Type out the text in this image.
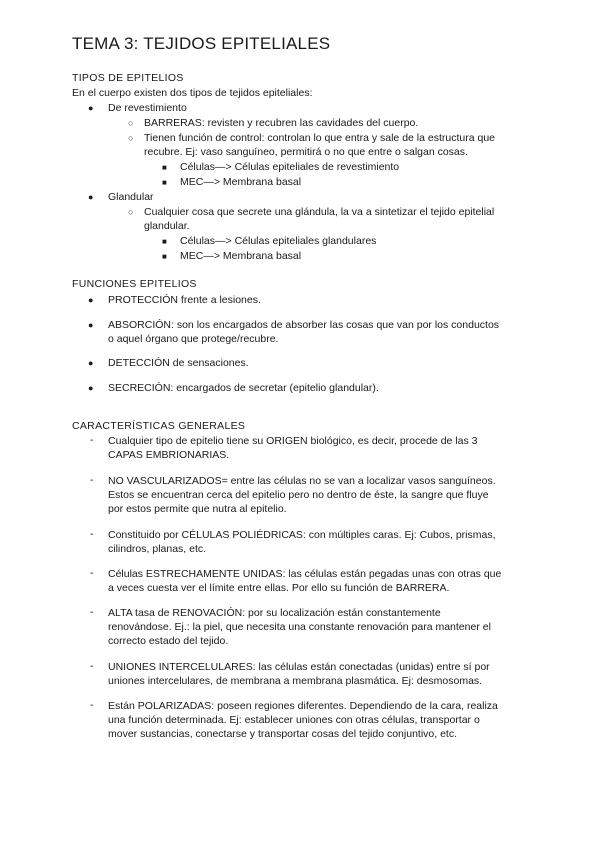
TEMA 3: TEJIDOS EPITELIALES
TIPOS DE EPITELIOS
En el cuerpo existen dos tipos de tejidos epiteliales:
● De revestimiento
○ BARRERAS: revisten y recubren las cavidades del cuerpo.
○ Tienen función de control: controlan lo que entra y sale de la estructura que
recubre. Ej: vaso sanguíneo, permitirá o no que entre o salgan cosas.
■ Células—> Células epiteliales de revestimiento
■ MEC—> Membrana basal
● Glandular
○ Cualquier cosa que secrete una glándula, la va a sintetizar el tejido epitelial
glandular.
■ Células—> Células epiteliales glandulares
■ MEC—> Membrana basal
FUNCIONES EPITELIOS
● PROTECCIÓN frente a lesiones.
● ABSORCIÓN: son los encargados de absorber las cosas que van por los conductos
o aquel órgano que protege/recubre.
● DETECCIÓN de sensaciones.
● SECRECIÓN: encargados de secretar (epitelio glandular).
CARACTERÍSTICAS GENERALES
- Cualquier tipo de epitelio tiene su ORIGEN biológico, es decir, procede de las 3
CAPAS EMBRIONARIAS.
- NO VASCULARIZADOS= entre las células no se van a localizar vasos sanguíneos.
Estos se encuentran cerca del epitelio pero no dentro de éste, la sangre que fluye
por estos permite que nutra al epitelio.
- Constituido por CÉLULAS POLIÉDRICAS: con múltiples caras. Ej: Cubos, prismas,
cilindros, planas, etc.
- Células ESTRECHAMENTE UNIDAS: las células están pegadas unas con otras que
a veces cuesta ver el límite entre ellas. Por ello su función de BARRERA.
- ALTA tasa de RENOVACIÓN: por su localización están constantemente
renovándose. Ej.: la piel, que necesita una constante renovación para mantener el
correcto estado del tejido.
- UNIONES INTERCELULARES: las células están conectadas (unidas) entre sí por
uniones intercelulares, de membrana a membrana plasmática. Ej: desmosomas.
- Están POLARIZADAS: poseen regiones diferentes. Dependiendo de la cara, realiza
una función determinada. Ej: establecer uniones con otras células, transportar o
mover sustancias, conectarse y transportar cosas del tejido conjuntivo, etc.
